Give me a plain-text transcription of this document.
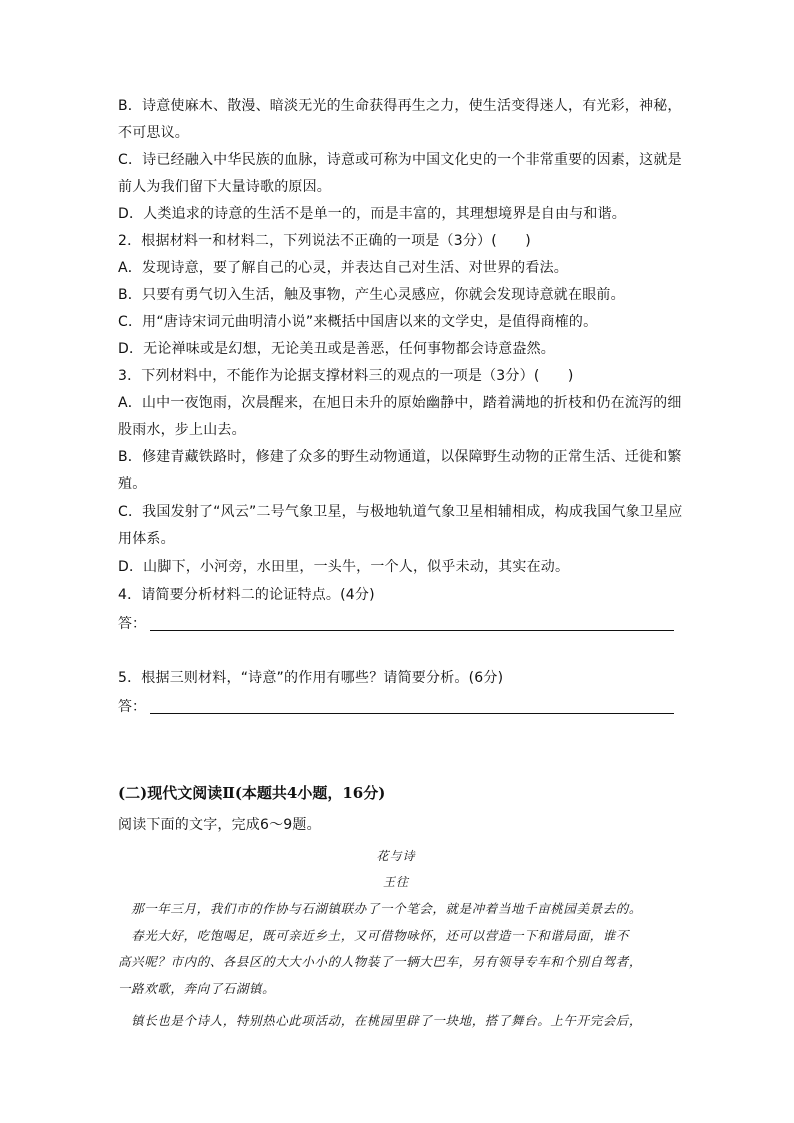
B．诗意使麻木、散漫、暗淡无光的生命获得再生之力，使生活变得迷人，有光彩，神秘，
不可思议。
C．诗已经融入中华民族的血脉，诗意或可称为中国文化史的一个非常重要的因素，这就是
前人为我们留下大量诗歌的原因。
D．人类追求的诗意的生活不是单一的，而是丰富的，其理想境界是自由与和谐。
2．根据材料一和材料二，下列说法不正确的一项是（3分）(　　)
A．发现诗意，要了解自己的心灵，并表达自己对生活、对世界的看法。
B．只要有勇气切入生活，触及事物，产生心灵感应，你就会发现诗意就在眼前。
C．用“唐诗宋词元曲明清小说”来概括中国唐以来的文学史，是值得商榷的。
D．无论禅味或是幻想，无论美丑或是善恶，任何事物都会诗意盎然。
3．下列材料中，不能作为论据支撑材料三的观点的一项是（3分）(　　)
A．山中一夜饱雨，次晨醒来，在旭日未升的原始幽静中，踏着满地的折枝和仍在流泻的细
股雨水，步上山去。
B．修建青藏铁路时，修建了众多的野生动物通道，以保障野生动物的正常生活、迁徙和繁
殖。
C．我国发射了“风云”二号气象卫星，与极地轨道气象卫星相辅相成，构成我国气象卫星应
用体系。
D．山脚下，小河旁，水田里，一头牛，一个人，似乎未动，其实在动。
4．请简要分析材料二的论证特点。(4分)
答：
5．根据三则材料，“诗意”的作用有哪些？请简要分析。(6分)
答：
(二)现代文阅读Ⅱ(本题共4小题，16分)
阅读下面的文字，完成6～9题。
花与诗
王往
　那一年三月，我们市的作协与石湖镇联办了一个笔会，就是冲着当地千亩桃园美景去的。
　春光大好，吃饱喝足，既可亲近乡土，又可借物咏怀，还可以营造一下和谐局面，谁不
高兴呢？市内的、各县区的大大小小的人物装了一辆大巴车，另有领导专车和个别自驾者，
一路欢歌，奔向了石湖镇。
　镇长也是个诗人，特别热心此项活动，在桃园里辟了一块地，搭了舞台。上午开完会后，
